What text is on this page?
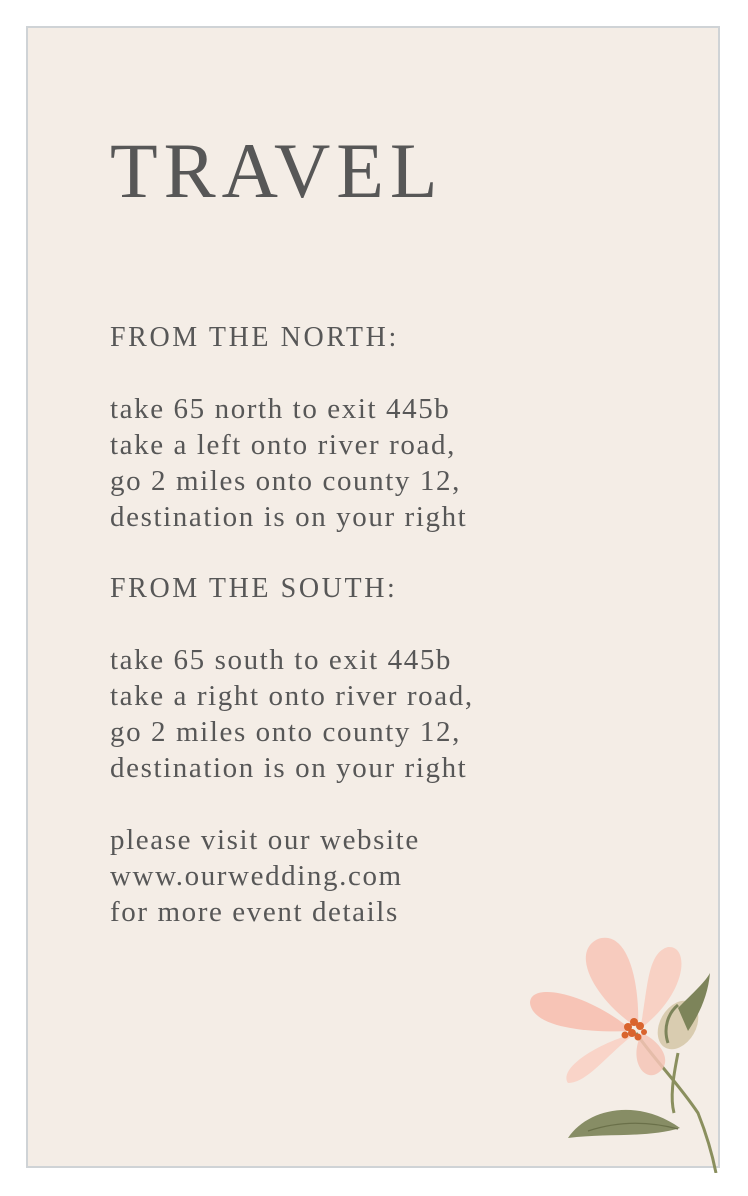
TRAVEL
FROM THE NORTH:
take 65 north to exit 445b
take a left onto river road,
go 2 miles onto county 12,
destination is on your right
FROM THE SOUTH:
take 65 south to exit 445b
take a right onto river road,
go 2 miles onto county 12,
destination is on your right
please visit our website
www.ourwedding.com
for more event details
